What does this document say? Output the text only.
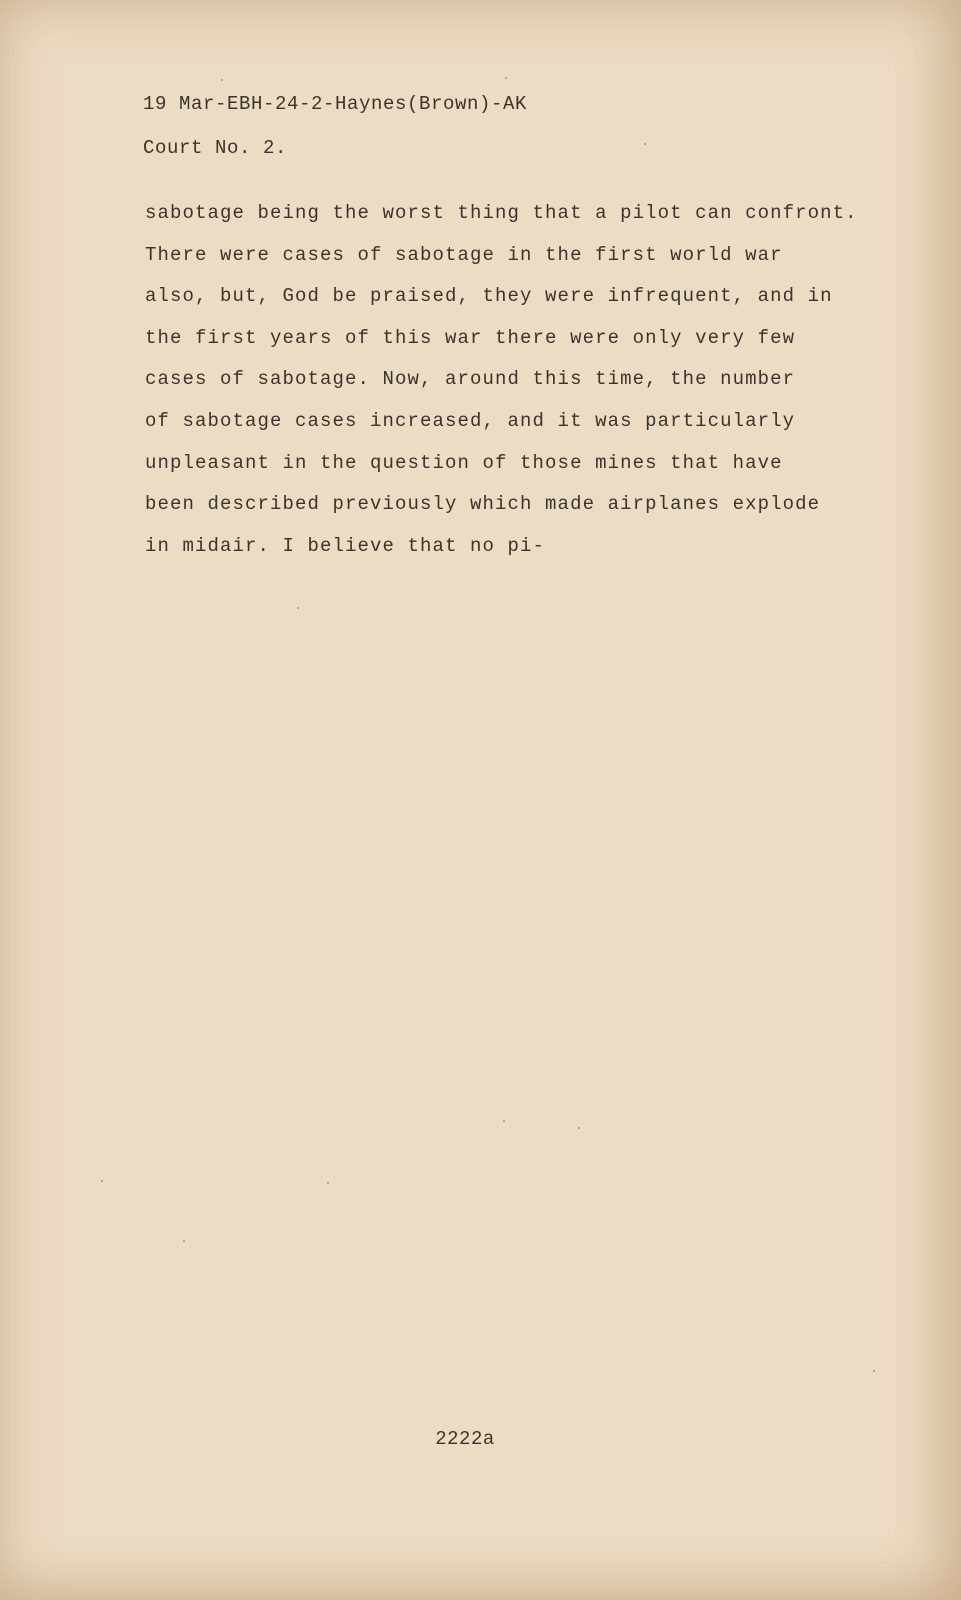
19 Mar-EBH-24-2-Haynes(Brown)-AK
Court No. 2.
sabotage being the worst thing that a pilot can confront.
There were cases of sabotage in the first world war
also, but, God be praised, they were infrequent, and in
the first years of this war there were only very few
cases of sabotage. Now, around this time, the number
of sabotage cases increased, and it was particularly
unpleasant in the question of those mines that have
been described previously which made airplanes explode
in midair. I believe that no pi-
2222a
